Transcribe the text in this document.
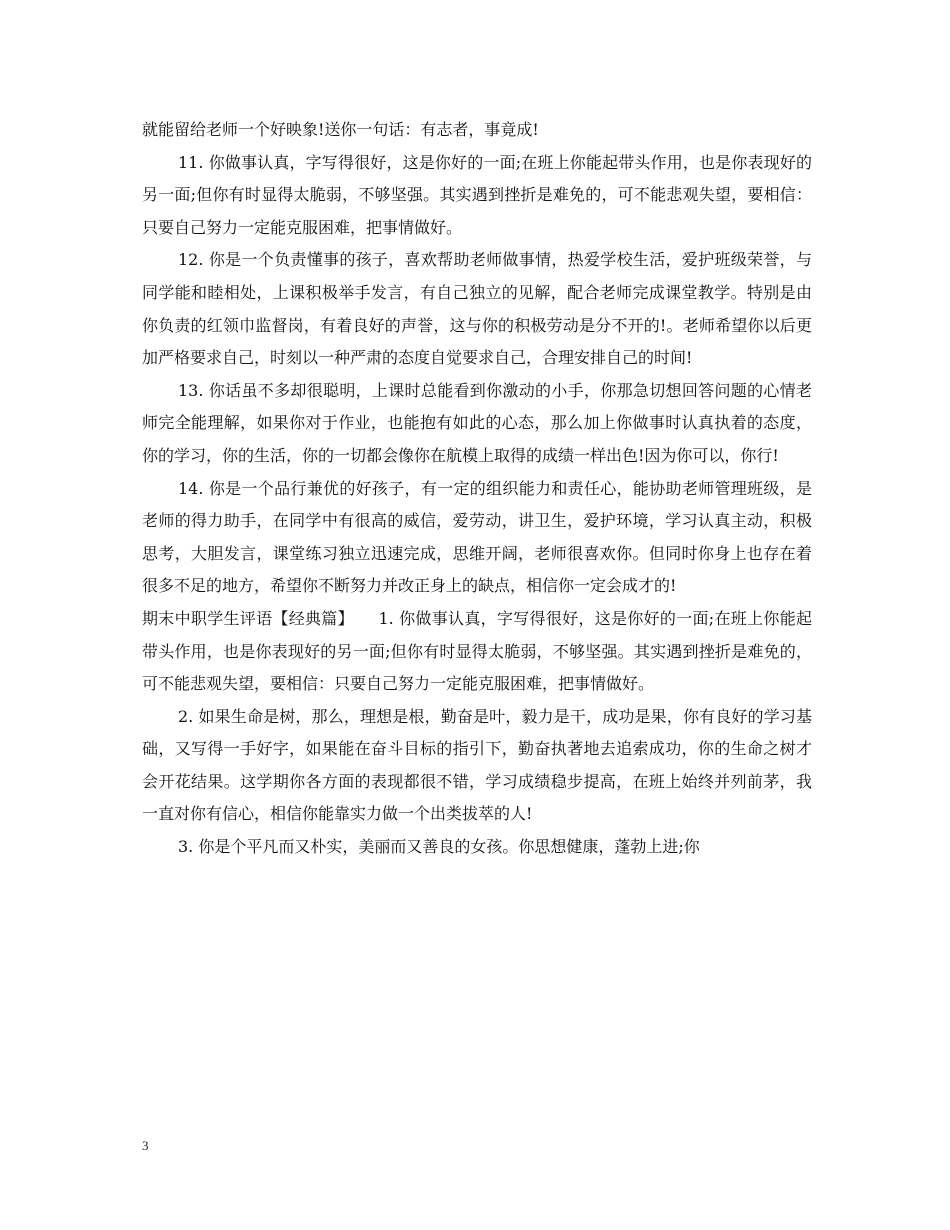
就能留给老师一个好映象!送你一句话：有志者，事竟成!

11. 你做事认真，字写得很好，这是你好的一面;在班上你能起带头作用，也是你表现好的另一面;但你有时显得太脆弱，不够坚强。其实遇到挫折是难免的，可不能悲观失望，要相信：只要自己努力一定能克服困难，把事情做好。

12. 你是一个负责懂事的孩子，喜欢帮助老师做事情，热爱学校生活，爱护班级荣誉，与同学能和睦相处，上课积极举手发言，有自己独立的见解，配合老师完成课堂教学。特别是由你负责的红领巾监督岗，有着良好的声誉，这与你的积极劳动是分不开的!。老师希望你以后更加严格要求自己，时刻以一种严肃的态度自觉要求自己，合理安排自己的时间!

13. 你话虽不多却很聪明，上课时总能看到你激动的小手，你那急切想回答问题的心情老师完全能理解，如果你对于作业，也能抱有如此的心态，那么加上你做事时认真执着的态度，你的学习，你的生活，你的一切都会像你在航模上取得的成绩一样出色!因为你可以，你行!

14. 你是一个品行兼优的好孩子，有一定的组织能力和责任心，能协助老师管理班级，是老师的得力助手，在同学中有很高的威信，爱劳动，讲卫生，爱护环境，学习认真主动，积极思考，大胆发言，课堂练习独立迅速完成，思维开阔，老师很喜欢你。但同时你身上也存在着很多不足的地方，希望你不断努力并改正身上的缺点，相信你一定会成才的!

期末中职学生评语【经典篇】　　1. 你做事认真，字写得很好，这是你好的一面;在班上你能起带头作用，也是你表现好的另一面;但你有时显得太脆弱，不够坚强。其实遇到挫折是难免的，可不能悲观失望，要相信：只要自己努力一定能克服困难，把事情做好。

2. 如果生命是树，那么，理想是根，勤奋是叶，毅力是干，成功是果，你有良好的学习基础，又写得一手好字，如果能在奋斗目标的指引下，勤奋执著地去追索成功，你的生命之树才会开花结果。这学期你各方面的表现都很不错，学习成绩稳步提高，在班上始终并列前茅，我一直对你有信心，相信你能靠实力做一个出类拔萃的人!

3. 你是个平凡而又朴实，美丽而又善良的女孩。你思想健康，蓬勃上进;你

3
